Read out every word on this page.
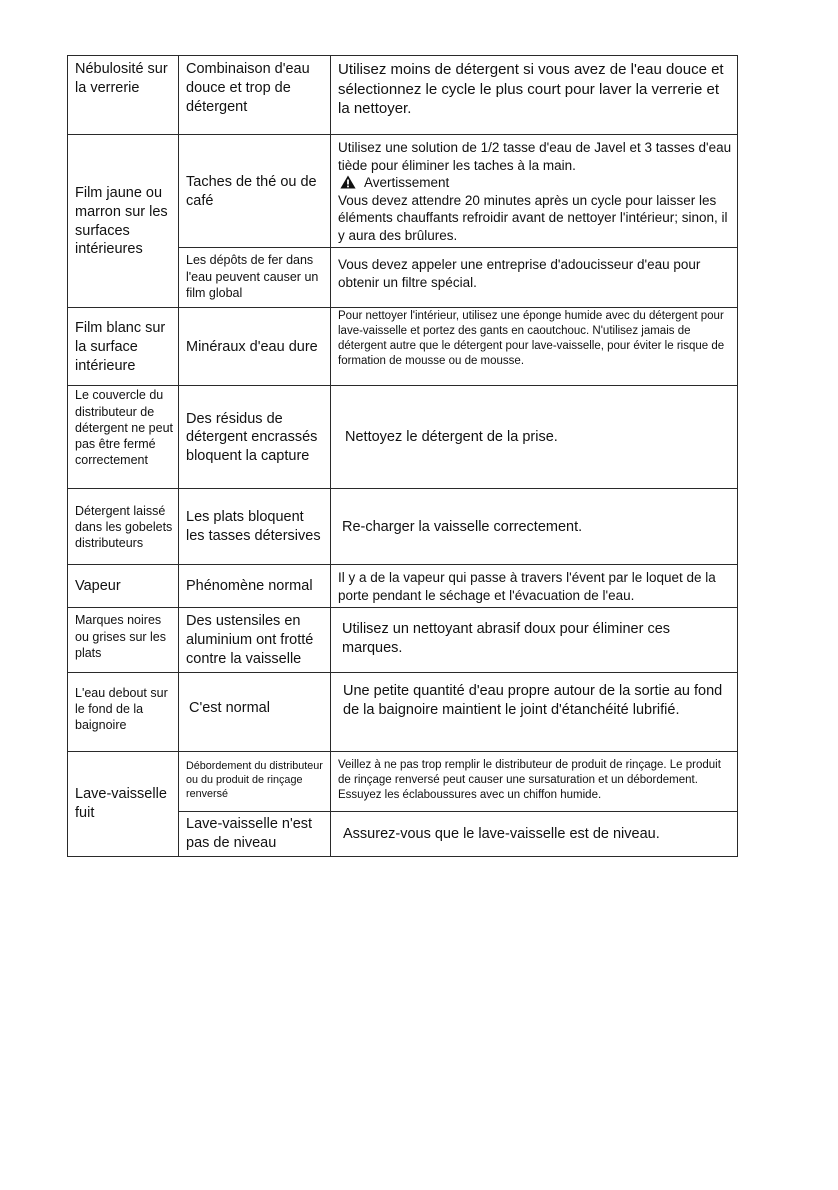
Nébulosité sur la verrerie	Combinaison d'eau douce et trop de détergent	Utilisez moins de détergent si vous avez de l'eau douce et sélectionnez le cycle le plus court pour laver la verrerie et la nettoyer.
Film jaune ou marron sur les surfaces intérieures	Taches de thé ou de café	Utilisez une solution de 1/2 tasse d'eau de Javel et 3 tasses d'eau tiède pour éliminer les taches à la main.
Avertissement
Vous devez attendre 20 minutes après un cycle pour laisser les éléments chauffants refroidir avant de nettoyer l'intérieur; sinon, il y aura des brûlures.

	Les dépôts de fer dans l'eau peuvent causer un film global	Vous devez appeler une entreprise d'adoucisseur d'eau pour obtenir un filtre spécial.
Film blanc sur la surface intérieure	Minéraux d'eau dure	Pour nettoyer l'intérieur, utilisez une éponge humide avec du détergent pour lave-vaisselle et portez des gants en caoutchouc. N'utilisez jamais de détergent autre que le détergent pour lave-vaisselle, pour éviter le risque de formation de mousse ou de mousse.
Le couvercle du distributeur de détergent ne peut pas être fermé correctement	Des résidus de détergent encrassés bloquent la capture	Nettoyez le détergent de la prise.
Détergent laissé dans les gobelets distributeurs	Les plats bloquent les tasses détersives	Re-charger la vaisselle correctement.
Vapeur	Phénomène normal	Il y a de la vapeur qui passe à travers l'évent par le loquet de la porte pendant le séchage et l'évacuation de l'eau.
Marques noires ou grises sur les plats	Des ustensiles en aluminium ont frotté contre la vaisselle	Utilisez un nettoyant abrasif doux pour éliminer ces marques.
L'eau debout sur le fond de la baignoire	C'est normal	Une petite quantité d'eau propre autour de la sortie au fond de la baignoire maintient le joint d'étanchéité lubrifié.
Lave-vaisselle fuit	Débordement du distributeur ou du produit de rinçage renversé	Veillez à ne pas trop remplir le distributeur de produit de rinçage. Le produit de rinçage renversé peut causer une sursaturation et un débordement. Essuyez les éclaboussures avec un chiffon humide.
	Lave-vaisselle n'est pas de niveau	Assurez-vous que le lave-vaisselle est de niveau.
